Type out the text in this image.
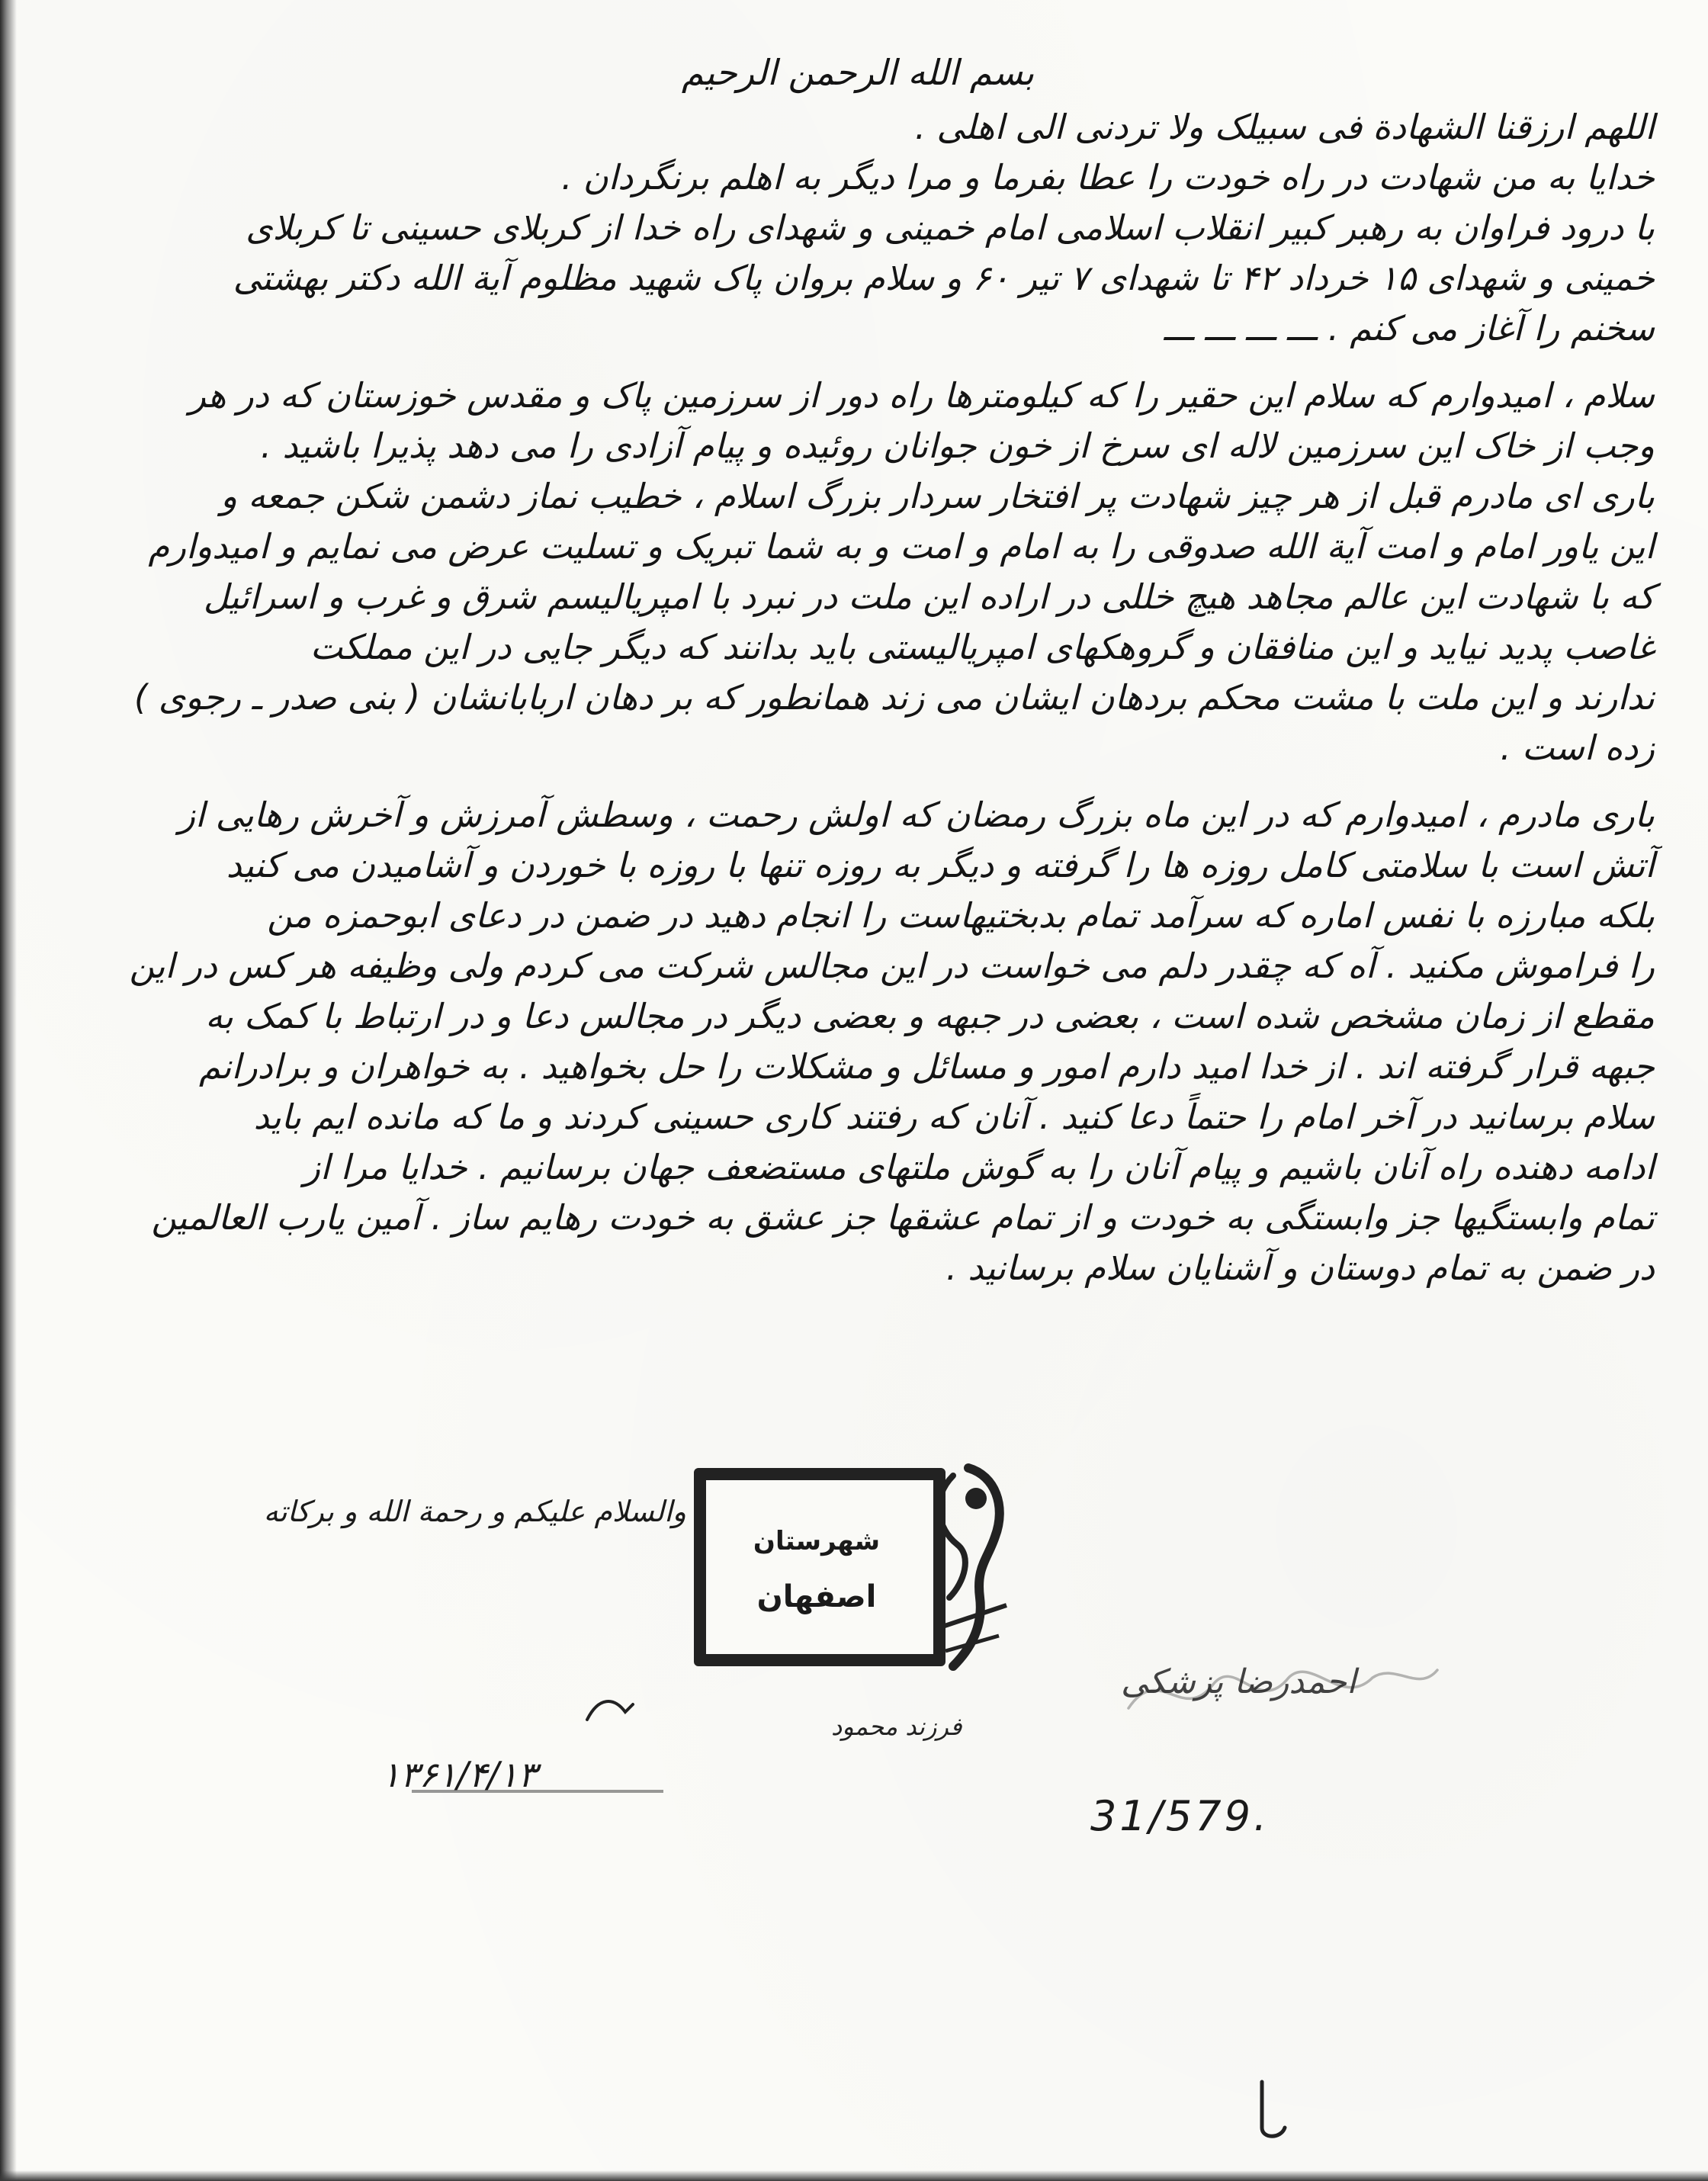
بسم الله الرحمن الرحیم
اللهم ارزقنا الشهادة فی سبیلک ولا تردنی الی اهلی .
خدایا به من شهادت در راه خودت را عطا بفرما و مرا دیگر به اهلم برنگردان .
با درود فراوان به رهبر کبیر انقلاب اسلامی امام خمینی و شهدای راه خدا از کربلای حسینی تا کربلای
خمینی و شهدای ۱۵ خرداد ۴۲ تا شهدای ۷ تیر ۶۰ و سلام بروان پاک شهید مظلوم آیة الله دکتر بهشتی
سخنم را آغاز می کنم . ـــ ـــ ـــ ـــ
سلام ، امیدوارم که سلام این حقیر را که کیلومترها راه دور از سرزمین پاک و مقدس خوزستان که در هر
وجب از خاک این سرزمین لاله ای سرخ از خون جوانان روئیده و پیام آزادی را می دهد پذیرا باشید .
باری ای مادرم قبل از هر چیز شهادت پر افتخار سردار بزرگ اسلام ، خطیب نماز دشمن شکن جمعه و
این یاور امام و امت آیة الله صدوقی را به امام و امت و به شما تبریک و تسلیت عرض می نمایم و امیدوارم
که با شهادت این عالم مجاهد هیچ خللی در اراده این ملت در نبرد با امپریالیسم شرق و غرب و اسرائیل
غاصب پدید نیاید و این منافقان و گروهکهای امپریالیستی باید بدانند که دیگر جایی در این مملکت
ندارند و این ملت با مشت محکم بردهان ایشان می زند همانطور که بر دهان اربابانشان ( بنی صدر ـ رجوی )
زده است .
باری مادرم ، امیدوارم که در این ماه بزرگ رمضان که اولش رحمت ، وسطش آمرزش و آخرش رهایی از
آتش است با سلامتی کامل روزه ها را گرفته و دیگر به روزه تنها با روزه با خوردن و آشامیدن می کنید
بلکه مبارزه با نفس اماره که سرآمد تمام بدبختیهاست را انجام دهید در ضمن در دعای ابوحمزه من
را فراموش مکنید . آه که چقدر دلم می خواست در این مجالس شرکت می کردم ولی وظیفه هر کس در این
مقطع از زمان مشخص شده است ، بعضی در جبهه و بعضی دیگر در مجالس دعا و در ارتباط با کمک به
جبهه قرار گرفته اند . از خدا امید دارم امور و مسائل و مشکلات را حل بخواهید . به خواهران و برادرانم
سلام برسانید در آخر امام را حتماً دعا کنید . آنان که رفتند کاری حسینی کردند و ما که مانده ایم باید
ادامه دهنده راه آنان باشیم و پیام آنان را به گوش ملتهای مستضعف جهان برسانیم . خدایا مرا از
تمام وابستگیها جز وابستگی به خودت و از تمام عشقها جز عشق به خودت رهایم ساز . آمین یارب العالمین
در ضمن به تمام دوستان و آشنایان سلام برسانید .
والسلام علیکم و رحمة الله و برکاته
شهرستان
اصفهان
فرزند محمود
۱۳۶۱/۴/۱۳
احمدرضا پزشکی
31/579.
